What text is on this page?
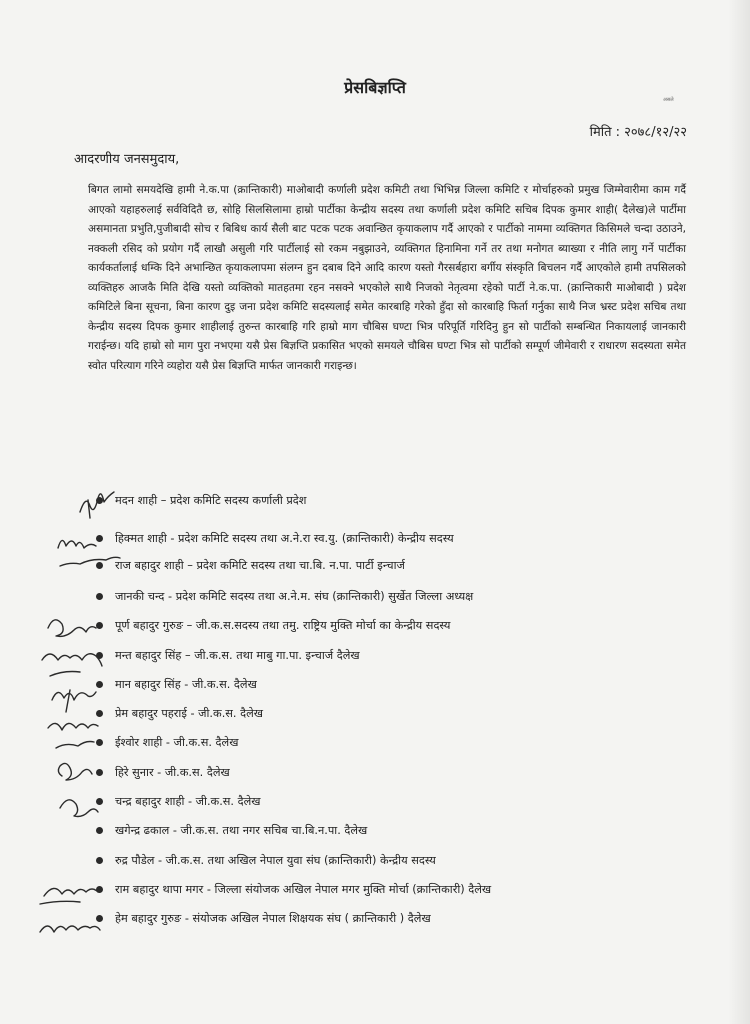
प्रेसबिज्ञप्ति
असले
मिति : २०७८/१२/२२
आदरणीय जनसमुदाय,
बिगत लामो समयदेखि हामी ने.क.पा (क्रान्तिकारी) माओबादी कर्णाली प्रदेश कमिटी तथा भिभिन्न जिल्ला कमिटि र मोर्चाहरुको प्रमुख जिम्मेवारीमा काम गर्दै आएको यहाहरुलाई सर्वविदितै छ, सोहि सिलसिलामा हाम्रो पार्टीका केन्द्रीय सदस्य तथा कर्णाली प्रदेश कमिटि सचिब दिपक कुमार शाही( दैलेख)ले पार्टीमा असमानता प्रभुति,पुजीबादी सोच र बिबिध कार्य सैली बाट पटक पटक अवान्छित कृयाकलाप गर्दै आएको र पार्टीको नाममा व्यक्तिगत किसिमले चन्दा उठाउने, नक्कली रसिद को प्रयोग गर्दै लाखौ असुली गरि पार्टीलाई सो रकम नबुझाउने, व्यक्तिगत हिनामिना गर्ने तर तथा मनोगत ब्याख्या र नीति लागु गर्ने पार्टीका कार्यकर्तालाई धम्कि दिने अभान्छित कृयाकलापमा संलग्न हुन दबाब दिने आदि कारण यस्तो गैरसर्बहारा बर्गीय संस्कृति बिचलन गर्दै आएकोले हामी तपसिलको व्यक्तिहरु आजकै मिति देखि यस्तो व्यक्तिको मातहतमा रहन नसक्ने भएकोले साथै निजको नेतृत्वमा रहेको पार्टी ने.क.पा. (क्रान्तिकारी माओबादी ) प्रदेश कमिटिले बिना सूचना, बिना कारण दुइ जना प्रदेश कमिटि सदस्यलाई समेत कारबाहि गरेको हुँदा सो कारबाहि फिर्ता गर्नुका साथै निज भ्रस्ट प्रदेश सचिब तथा केन्द्रीय सदस्य दिपक कुमार शाहीलाई तुरुन्त कारबाहि गरि हाम्रो माग चौबिस घण्टा भित्र परिपूर्ति गरिदिनु हुन सो पार्टीको सम्बन्धित निकायलाई जानकारी गराईन्छ। यदि हाम्रो सो माग पुरा नभएमा यसै प्रेस बिज्ञप्ति प्रकासित भएको समयले चौबिस घण्टा भित्र सो पार्टीको सम्पूर्ण जीमेवारी र राधारण सदस्यता समेत स्वोत परित्याग गरिने व्यहोरा यसै प्रेस बिज्ञप्ति मार्फत जानकारी गराइन्छ।
मदन शाही – प्रदेश कमिटि सदस्य कर्णाली प्रदेश
हिक्मत शाही - प्रदेश कमिटि सदस्य तथा अ.ने.रा स्व.यु. (क्रान्तिकारी) केन्द्रीय सदस्य
राज बहादुर शाही – प्रदेश कमिटि सदस्य तथा चा.बि. न.पा. पार्टी इन्चार्ज
जानकी चन्द - प्रदेश कमिटि सदस्य तथा अ.ने.म. संघ (क्रान्तिकारी) सुर्खेत जिल्ला अध्यक्ष
पूर्ण बहादुर गुरुङ – जी.क.स.सदस्य तथा तमु. राष्ट्रिय मुक्ति मोर्चा का केन्द्रीय सदस्य
मन्त बहादुर सिंह – जी.क.स. तथा माबु गा.पा. इन्चार्ज दैलेख
मान बहादुर सिंह - जी.क.स. दैलेख
प्रेम बहादुर पहराई - जी.क.स. दैलेख
ईश्वोर शाही - जी.क.स. दैलेख
हिरे सुनार - जी.क.स. दैलेख
चन्द्र बहादुर शाही - जी.क.स. दैलेख
खगेन्द्र ढकाल - जी.क.स. तथा नगर सचिब चा.बि.न.पा. दैलेख
रुद्र पौडेल - जी.क.स. तथा अखिल नेपाल युवा संघ (क्रान्तिकारी) केन्द्रीय सदस्य
राम बहादुर थापा मगर - जिल्ला संयोजक अखिल नेपाल मगर मुक्ति मोर्चा (क्रान्तिकारी) दैलेख
हेम बहादुर गुरुङ - संयोजक अखिल नेपाल शिक्षयक संघ ( क्रान्तिकारी ) दैलेख
